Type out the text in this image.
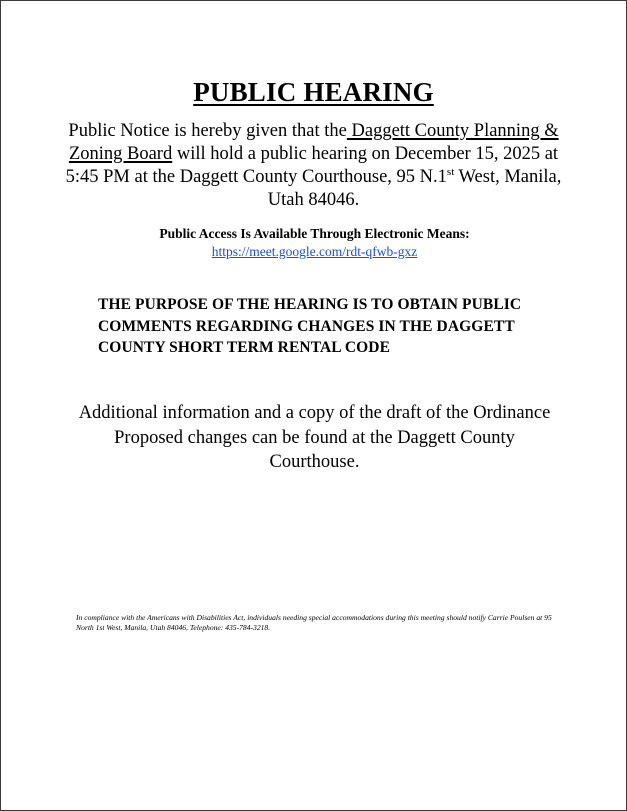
PUBLIC HEARING

Public Notice is hereby given that the Daggett County Planning & Zoning Board will hold a public hearing on December 15, 2025 at 5:45 PM at the Daggett County Courthouse, 95 N.1st West, Manila, Utah 84046.

Public Access Is Available Through Electronic Means:

https://meet.google.com/rdt-qfwb-gxz

THE PURPOSE OF THE HEARING IS TO OBTAIN PUBLIC COMMENTS REGARDING CHANGES IN THE DAGGETT COUNTY SHORT TERM RENTAL CODE

Additional information and a copy of the draft of the Ordinance Proposed changes can be found at the Daggett County Courthouse.

In compliance with the Americans with Disabilities Act, individuals needing special accommodations during this meeting should notify Carrie Poulsen at 95 North 1st West, Manila, Utah 84046, Telephone: 435-784-3218.
